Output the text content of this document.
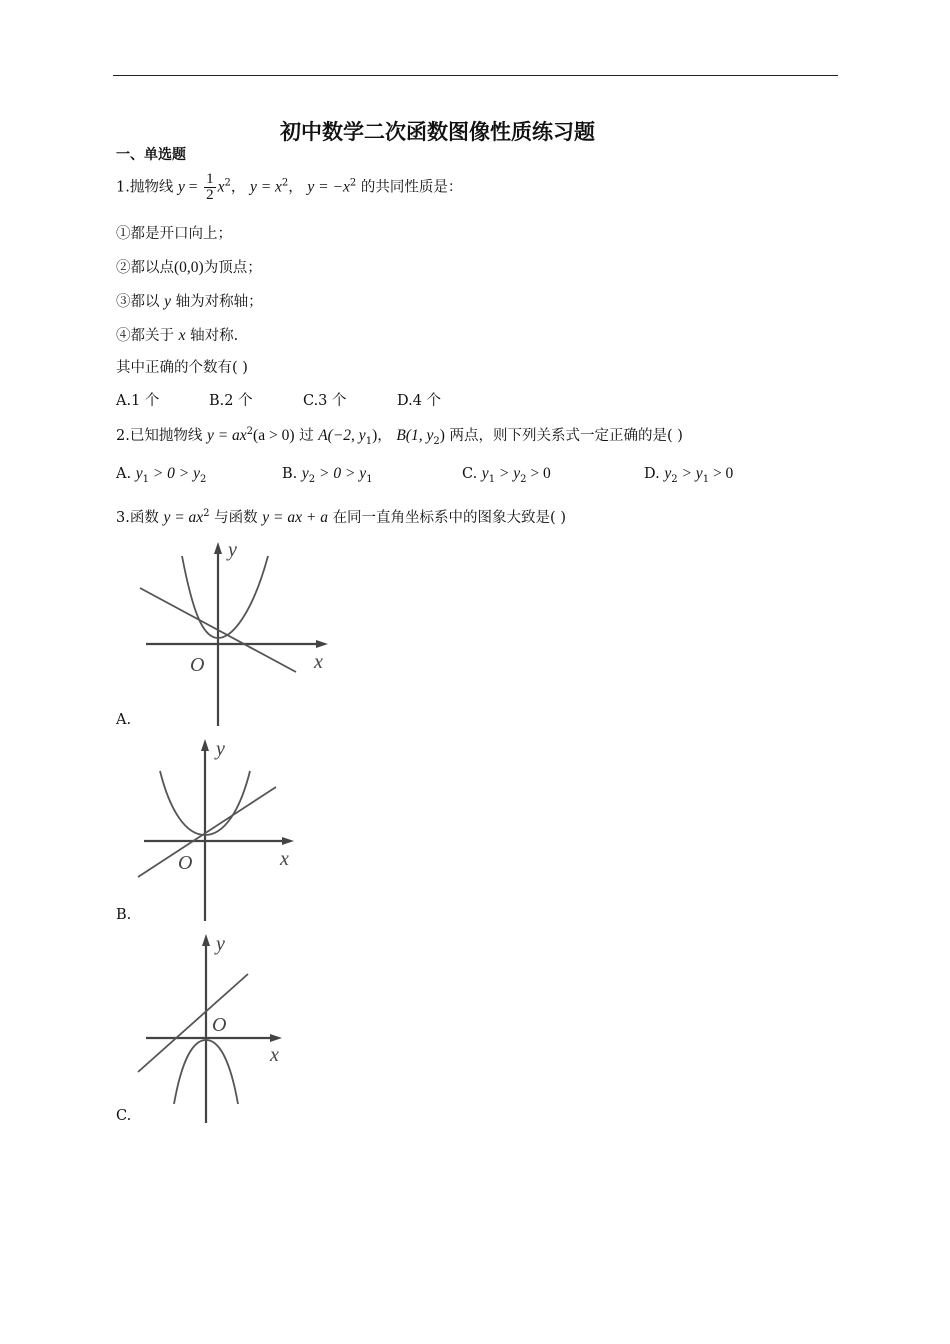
初中数学二次函数图像性质练习题
一、单选题
1.抛物线 $y = \frac{1}{2} x^2$， $y = x^2$， $y = -x^2$ 的共同性质是：
①都是开口向上；
②都以点(0,0)为顶点；
③都以 y 轴为对称轴；
④都关于 x 轴对称.
其中正确的个数有( )
A.1 个	B.2 个	C.3 个	D.4 个
2.已知抛物线 $y = ax^2(a > 0)$ 过 A(−2, $y_1$)， B(1, $y_2$) 两点，则下列关系式一定正确的是( )
A. $y_1 > 0 > y_2$	B. $y_2 > 0 > y_1$	C. $y_1 > y_2 > 0$	D. $y_2 > y_1 > 0$
3.函数 $y = ax^2$ 与函数 y = ax + a 在同一直角坐标系中的图象大致是( )
y
x
O
A.
y
x
O
B.
y
x
O
C.
